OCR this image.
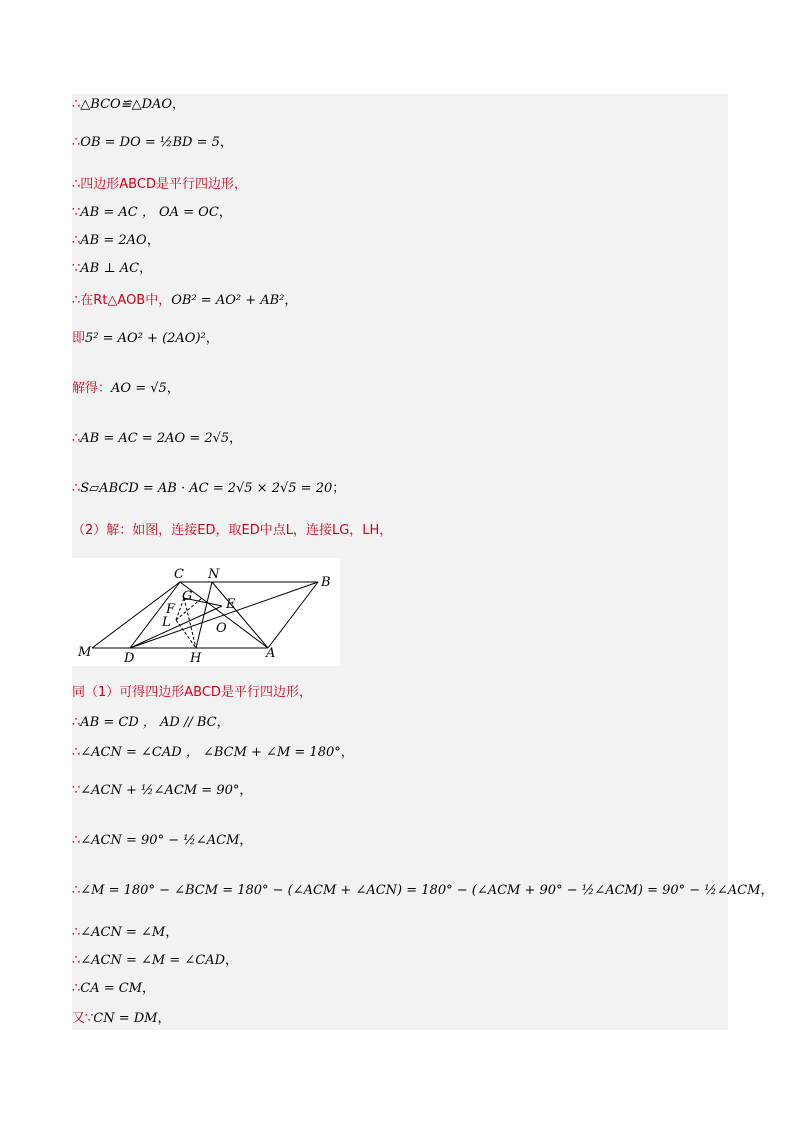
∴△BCO≌△DAO，
∴OB = DO = ½BD = 5，
∴四边形ABCD是平行四边形，
∵AB = AC ， OA = OC，
∴AB = 2AO，
∵AB ⊥ AC，
∴在Rt△AOB中，OB² = AO² + AB²，
即5² = AO² + (2AO)²，
解得：AO = √5，
∴AB = AC = 2AO = 2√5，
∴S▱ABCD = AB · AC = 2√5 × 2√5 = 20；
（2）解：如图，连接ED，取ED中点L，连接LG，LH，
C N
B
G
F	E
L	O
M	D	H	A
同（1）可得四边形ABCD是平行四边形，
∴AB = CD ， AD // BC，
∴∠ACN = ∠CAD ， ∠BCM + ∠M = 180°，
∵∠ACN + ½∠ACM = 90°，
∴∠ACN = 90° − ½∠ACM，
∴∠M = 180° − ∠BCM = 180° − (∠ACM + ∠ACN) = 180° − (∠ACM + 90° − ½∠ACM) = 90° − ½∠ACM，
∴∠ACN = ∠M，
∴∠ACN = ∠M = ∠CAD，
∴CA = CM，
又∵CN = DM，
